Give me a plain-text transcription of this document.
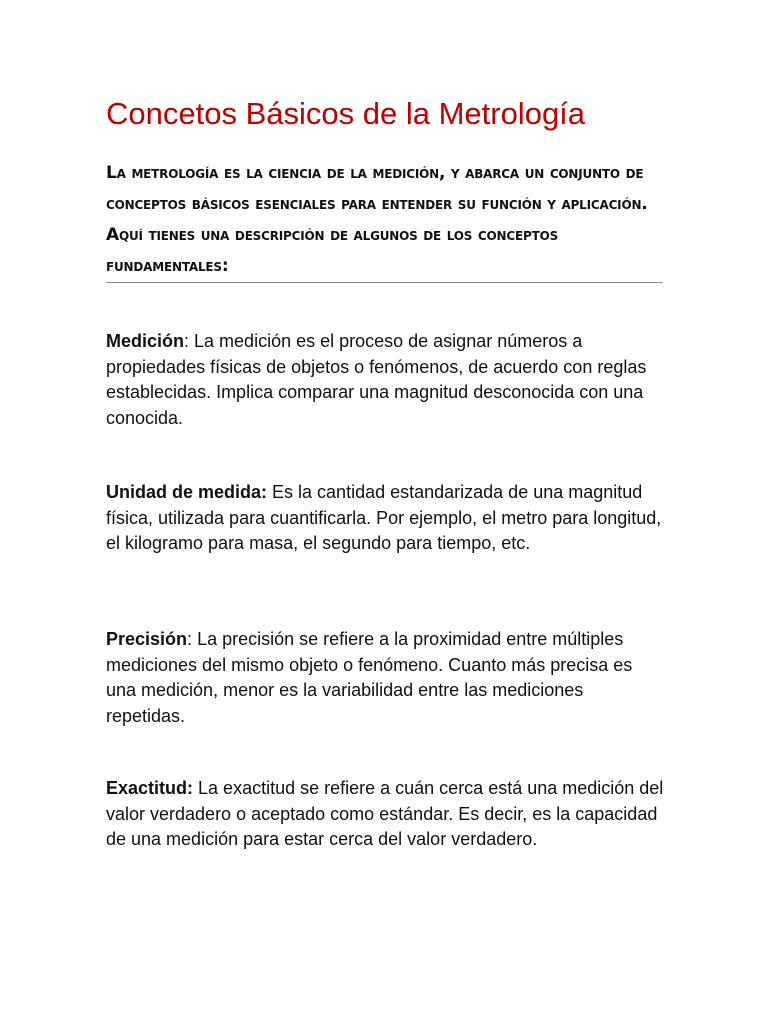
Concetos Básicos de la Metrología

La metrología es la ciencia de la medición, y abarca un conjunto de conceptos básicos esenciales para entender su función y aplicación. Aquí tienes una descripción de algunos de los conceptos fundamentales:

Medición: La medición es el proceso de asignar números a propiedades físicas de objetos o fenómenos, de acuerdo con reglas establecidas. Implica comparar una magnitud desconocida con una conocida.

Unidad de medida: Es la cantidad estandarizada de una magnitud física, utilizada para cuantificarla. Por ejemplo, el metro para longitud, el kilogramo para masa, el segundo para tiempo, etc.

Precisión: La precisión se refiere a la proximidad entre múltiples mediciones del mismo objeto o fenómeno. Cuanto más precisa es una medición, menor es la variabilidad entre las mediciones repetidas.

Exactitud: La exactitud se refiere a cuán cerca está una medición del valor verdadero o aceptado como estándar. Es decir, es la capacidad de una medición para estar cerca del valor verdadero.
